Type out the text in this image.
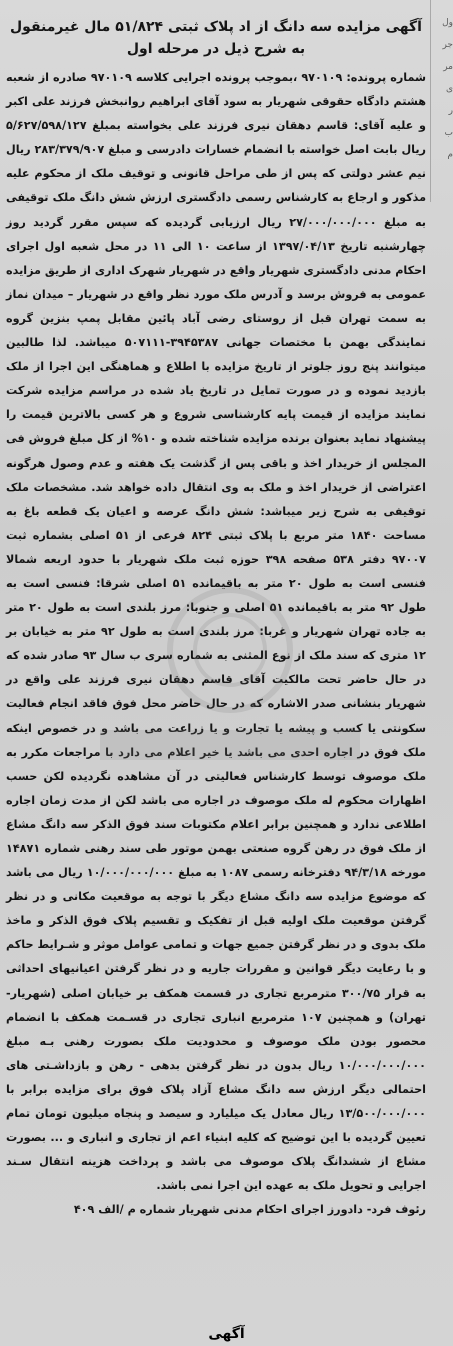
ول
جر
مر
ی
ر
ب
م
آگهی مزایده سه دانگ از اد پلاک ثبتی ۵۱/۸۲۴ مال غیرمنقول
به شرح ذیل در مرحله اول

شماره پرونده: ۹۷۰۱۰۹ ،بموجب پرونده اجرایی کلاسه ۹۷۰۱۰۹ صادره از شعبه هشتم دادگاه حقوقی شهریار به سود آقای ابراهیم روانبخش فرزند علی اکبر و علیه آقای: قاسم دهقان نیری فرزند علی بخواسته بمبلغ ۵/۶۲۷/۵۹۸/۱۲۷ ریال بابت اصل خواسته با انضمام خسارات دادرسی و مبلغ ۲۸۳/۳۷۹/۹۰۷ ریال نیم عشر دولتی که پس از طی مراحل قانونی و توقیف ملک از محکوم علیه مذکور و ارجاع به کارشناس رسمی دادگستری ارزش شش دانگ ملک توقیفی به مبلغ ۲۷/۰۰۰/۰۰۰/۰۰۰ ریال ارزیابی گردیده که سپس مقرر گردید روز چهارشنبه تاریخ ۱۳۹۷/۰۴/۱۳ از ساعت ۱۰ الی ۱۱ در محل شعبه اول اجرای احکام مدنی دادگستری شهریار واقع در شهریار شهرک اداری از طریق مزایده عمومی به فروش برسد و آدرس ملک مورد نظر واقع در شهریار – میدان نماز به سمت تهران قبل از روستای رضی آباد پائین مقابل پمپ بنزین گروه نمایندگی بهمن با مختصات جهانی ۳۹۴۵۳۸۷-۵۰۷۱۱۱ میباشد. لذا طالبین میتوانند پنج روز جلوتر از تاریخ مزایده با اطلاع و هماهنگی این اجرا از ملک بازدید نموده و در صورت تمایل در تاریخ یاد شده در مراسم مزایده شرکت نمایند مزایده از قیمت پایه کارشناسی شروع و هر کسی بالاترین قیمت را پیشنهاد نماید بعنوان برنده مزایده شناخته شده و ۱۰% از کل مبلغ فروش فی المجلس از خریدار اخذ و باقی پس از گذشت یک هفته و عدم وصول هرگونه اعتراضی از خریدار اخذ و ملک به وی انتقال داده خواهد شد. مشخصات ملک توقیفی به شرح زیر میباشد: شش دانگ عرصه و اعیان یک قطعه باغ به مساحت ۱۸۴۰ متر مربع با پلاک ثبتی ۸۲۴ فرعی از ۵۱ اصلی بشماره ثبت ۹۷۰۰۷ دفتر ۵۳۸ صفحه ۳۹۸ حوزه ثبت ملک شهریار با حدود اربعه شمالا فنسی است به طول ۲۰ متر به باقیمانده ۵۱ اصلی شرقا: فنسی است به طول ۹۲ متر به باقیمانده ۵۱ اصلی و جنوبا: مرز بلندی است به طول ۲۰ متر به جاده تهران شهریار و غربا: مرز بلندی است به طول ۹۲ متر به خیابان بر ۱۲ متری که سند ملک از نوع المثنی به شماره سری ب سال ۹۳ صادر شده که در حال حاضر تحت مالکیت آقای قاسم دهقان نیری فرزند علی واقع در شهریار بنشانی صدر الاشاره که در حال حاضر محل فوق فاقد انجام فعالیت سکونتی یا کسب و پیشه یا تجارت و یا زراعت می باشد و در خصوص اینکه ملک فوق در اجاره احدی می باشد یا خیر اعلام می دارد با مراجعات مکرر به ملک موصوف توسط کارشناس فعالیتی در آن مشاهده نگردیده لکن حسب اظهارات محکوم له ملک موصوف در اجاره می باشد لکن از مدت زمان اجاره اطلاعی ندارد و همچنین برابر اعلام مکتوبات سند فوق الذکر سه دانگ مشاع از ملک فوق در رهن گروه صنعتی بهمن موتور طی سند رهنی شماره ۱۴۸۷۱ مورخه ۹۴/۳/۱۸ دفترخانه رسمی ۱۰۸۷ به مبلغ ۱۰/۰۰۰/۰۰۰/۰۰۰ ریال می باشد که موضوع مزایده سه دانگ مشاع دیگر با توجه به موقعیت مکانی و در نظر گرفتن موقعیت ملک اولیه قبل از تفکیک و تقسیم پلاک فوق الذکر و ماخذ ملک بدوی و در نظر گرفتن جمیع جهات و تمامی عوامل موثر و شـرایط حاکم و با رعایت دیگر قوانین و مقررات جاریه و در نظر گرفتن اعیانیهای احداثی به قرار ۳۰۰/۷۵ مترمربع تجاری در قسمت همکف بر خیابان اصلی (شهریار-تهران) و همچنین ۱۰۷ مترمربع انباری تجاری در قسـمت همکف با انضمام محصور بودن ملک موصوف و محدودیت ملک بصورت رهنی بـه مبلغ ۱۰/۰۰۰/۰۰۰/۰۰۰ ریال بدون در نظر گرفتن بدهی - رهن و بازداشـتی های احتمالی دیگر ارزش سه دانگ مشاع آزاد پلاک فوق برای مزایده برابر با ۱۳/۵۰۰/۰۰۰/۰۰۰ ریال معادل یک میلیارد و سیصد و پنجاه میلیون تومان تمام تعیین گردیده با این توضیح که کلیه ابنیاء اعم از تجاری و انباری و ... بصورت مشاع از ششدانگ پلاک موصوف می باشد و پرداخت هزینه انتقال سـند اجرایی و تحویل ملک به عهده این اجرا نمی باشد.

رئوف فرد- دادورز اجرای احکام مدنی شهریار شماره م /الف ۴۰۹

آگهی
